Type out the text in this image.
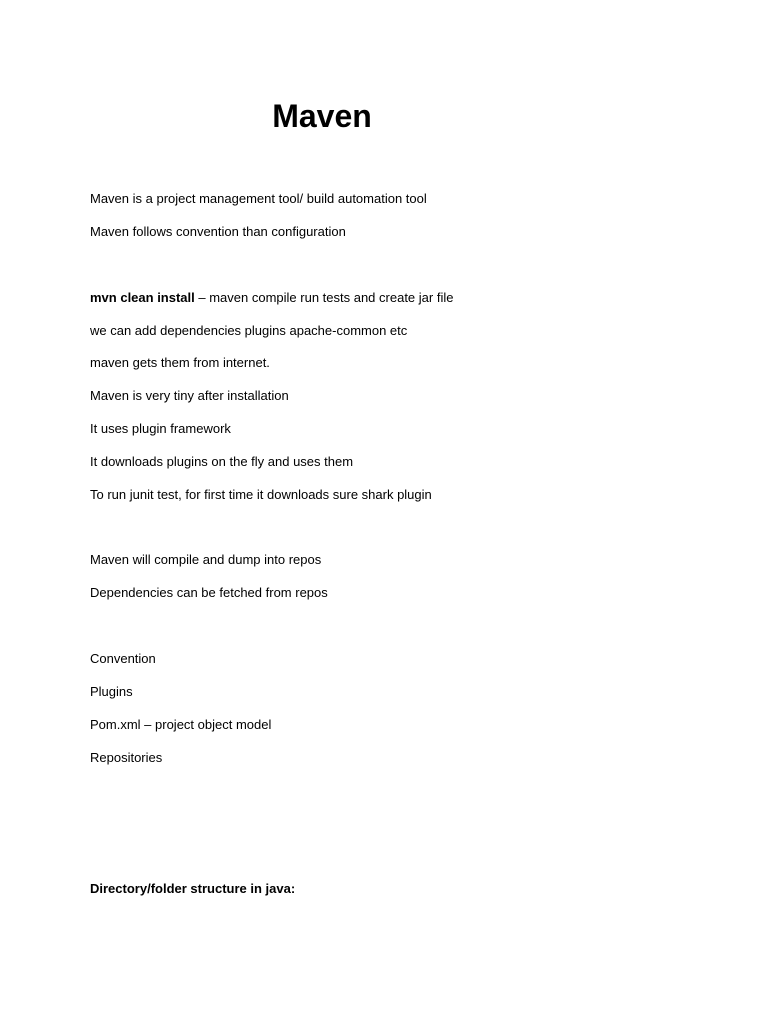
Maven

Maven is a project management tool/ build automation tool

Maven follows convention than configuration

mvn clean install – maven compile run tests and create jar file

we can add dependencies plugins apache-common etc

maven gets them from internet.

Maven is very tiny after installation

It uses plugin framework

It downloads plugins on the fly and uses them

To run junit test, for first time it downloads sure shark plugin

Maven will compile and dump into repos

Dependencies can be fetched from repos

Convention

Plugins

Pom.xml – project object model

Repositories

Directory/folder structure in java:
